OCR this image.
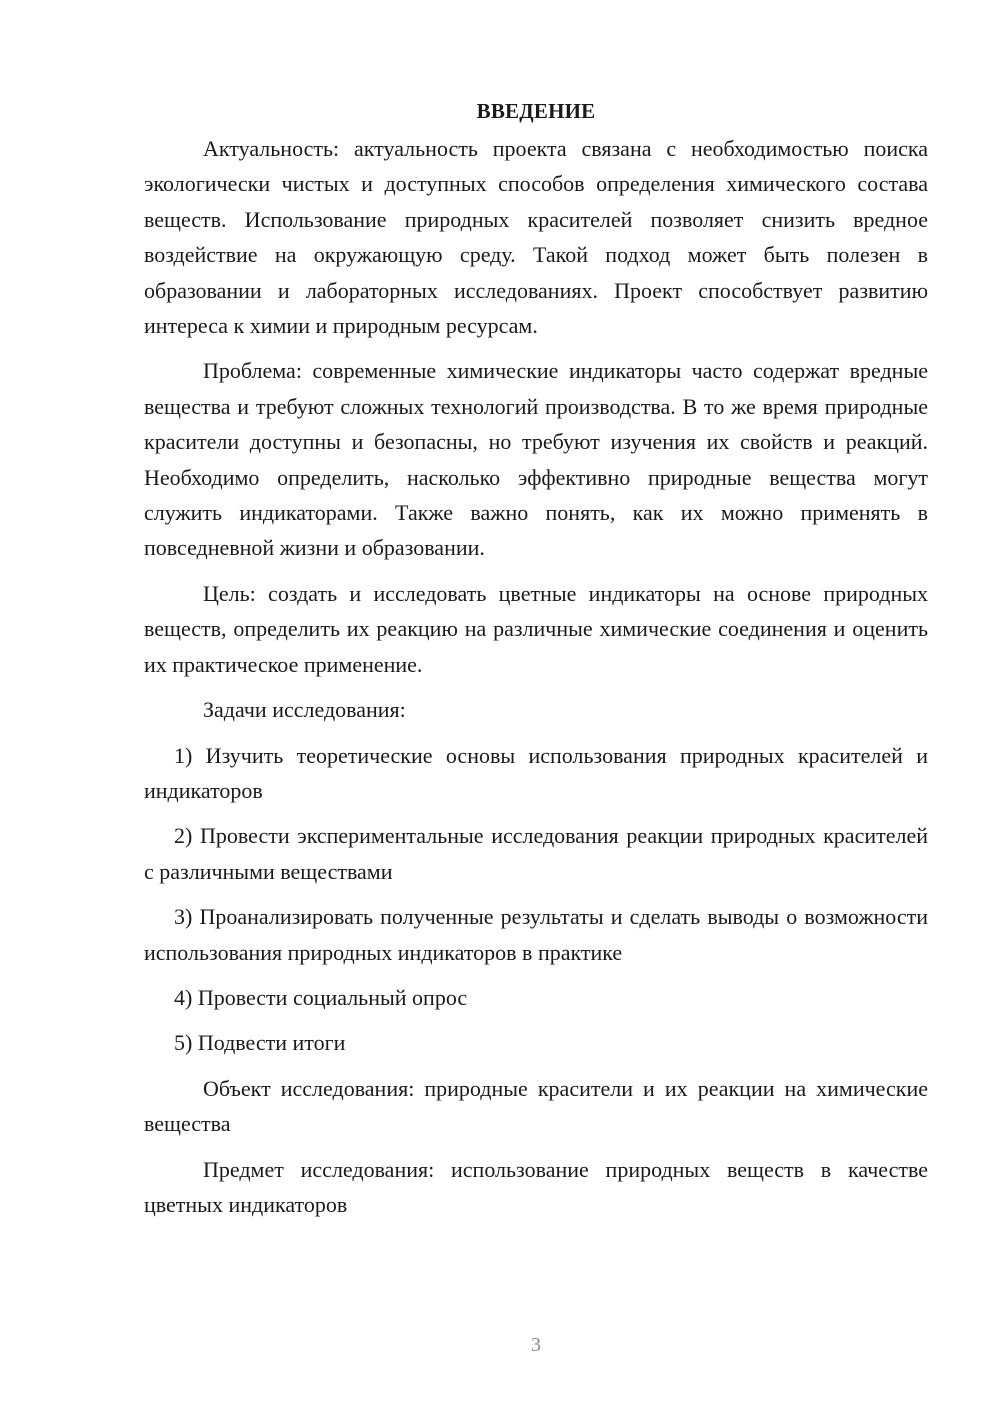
ВВЕДЕНИЕ

Актуальность: актуальность проекта связана с необходимостью поиска экологически чистых и доступных способов определения химического состава веществ. Использование природных красителей позволяет снизить вредное воздействие на окружающую среду. Такой подход может быть полезен в образовании и лабораторных исследованиях. Проект способствует развитию интереса к химии и природным ресурсам.

Проблема: современные химические индикаторы часто содержат вредные вещества и требуют сложных технологий производства. В то же время природные красители доступны и безопасны, но требуют изучения их свойств и реакций. Необходимо определить, насколько эффективно природные вещества могут служить индикаторами. Также важно понять, как их можно применять в повседневной жизни и образовании.

Цель: создать и исследовать цветные индикаторы на основе природных веществ, определить их реакцию на различные химические соединения и оценить их практическое применение.

Задачи исследования:

1) Изучить теоретические основы использования природных красителей и индикаторов

2) Провести экспериментальные исследования реакции природных красителей с различными веществами

3) Проанализировать полученные результаты и сделать выводы о возможности использования природных индикаторов в практике

4) Провести социальный опрос

5) Подвести итоги

Объект исследования: природные красители и их реакции на химические вещества

Предмет исследования: использование природных веществ в качестве цветных индикаторов

3
